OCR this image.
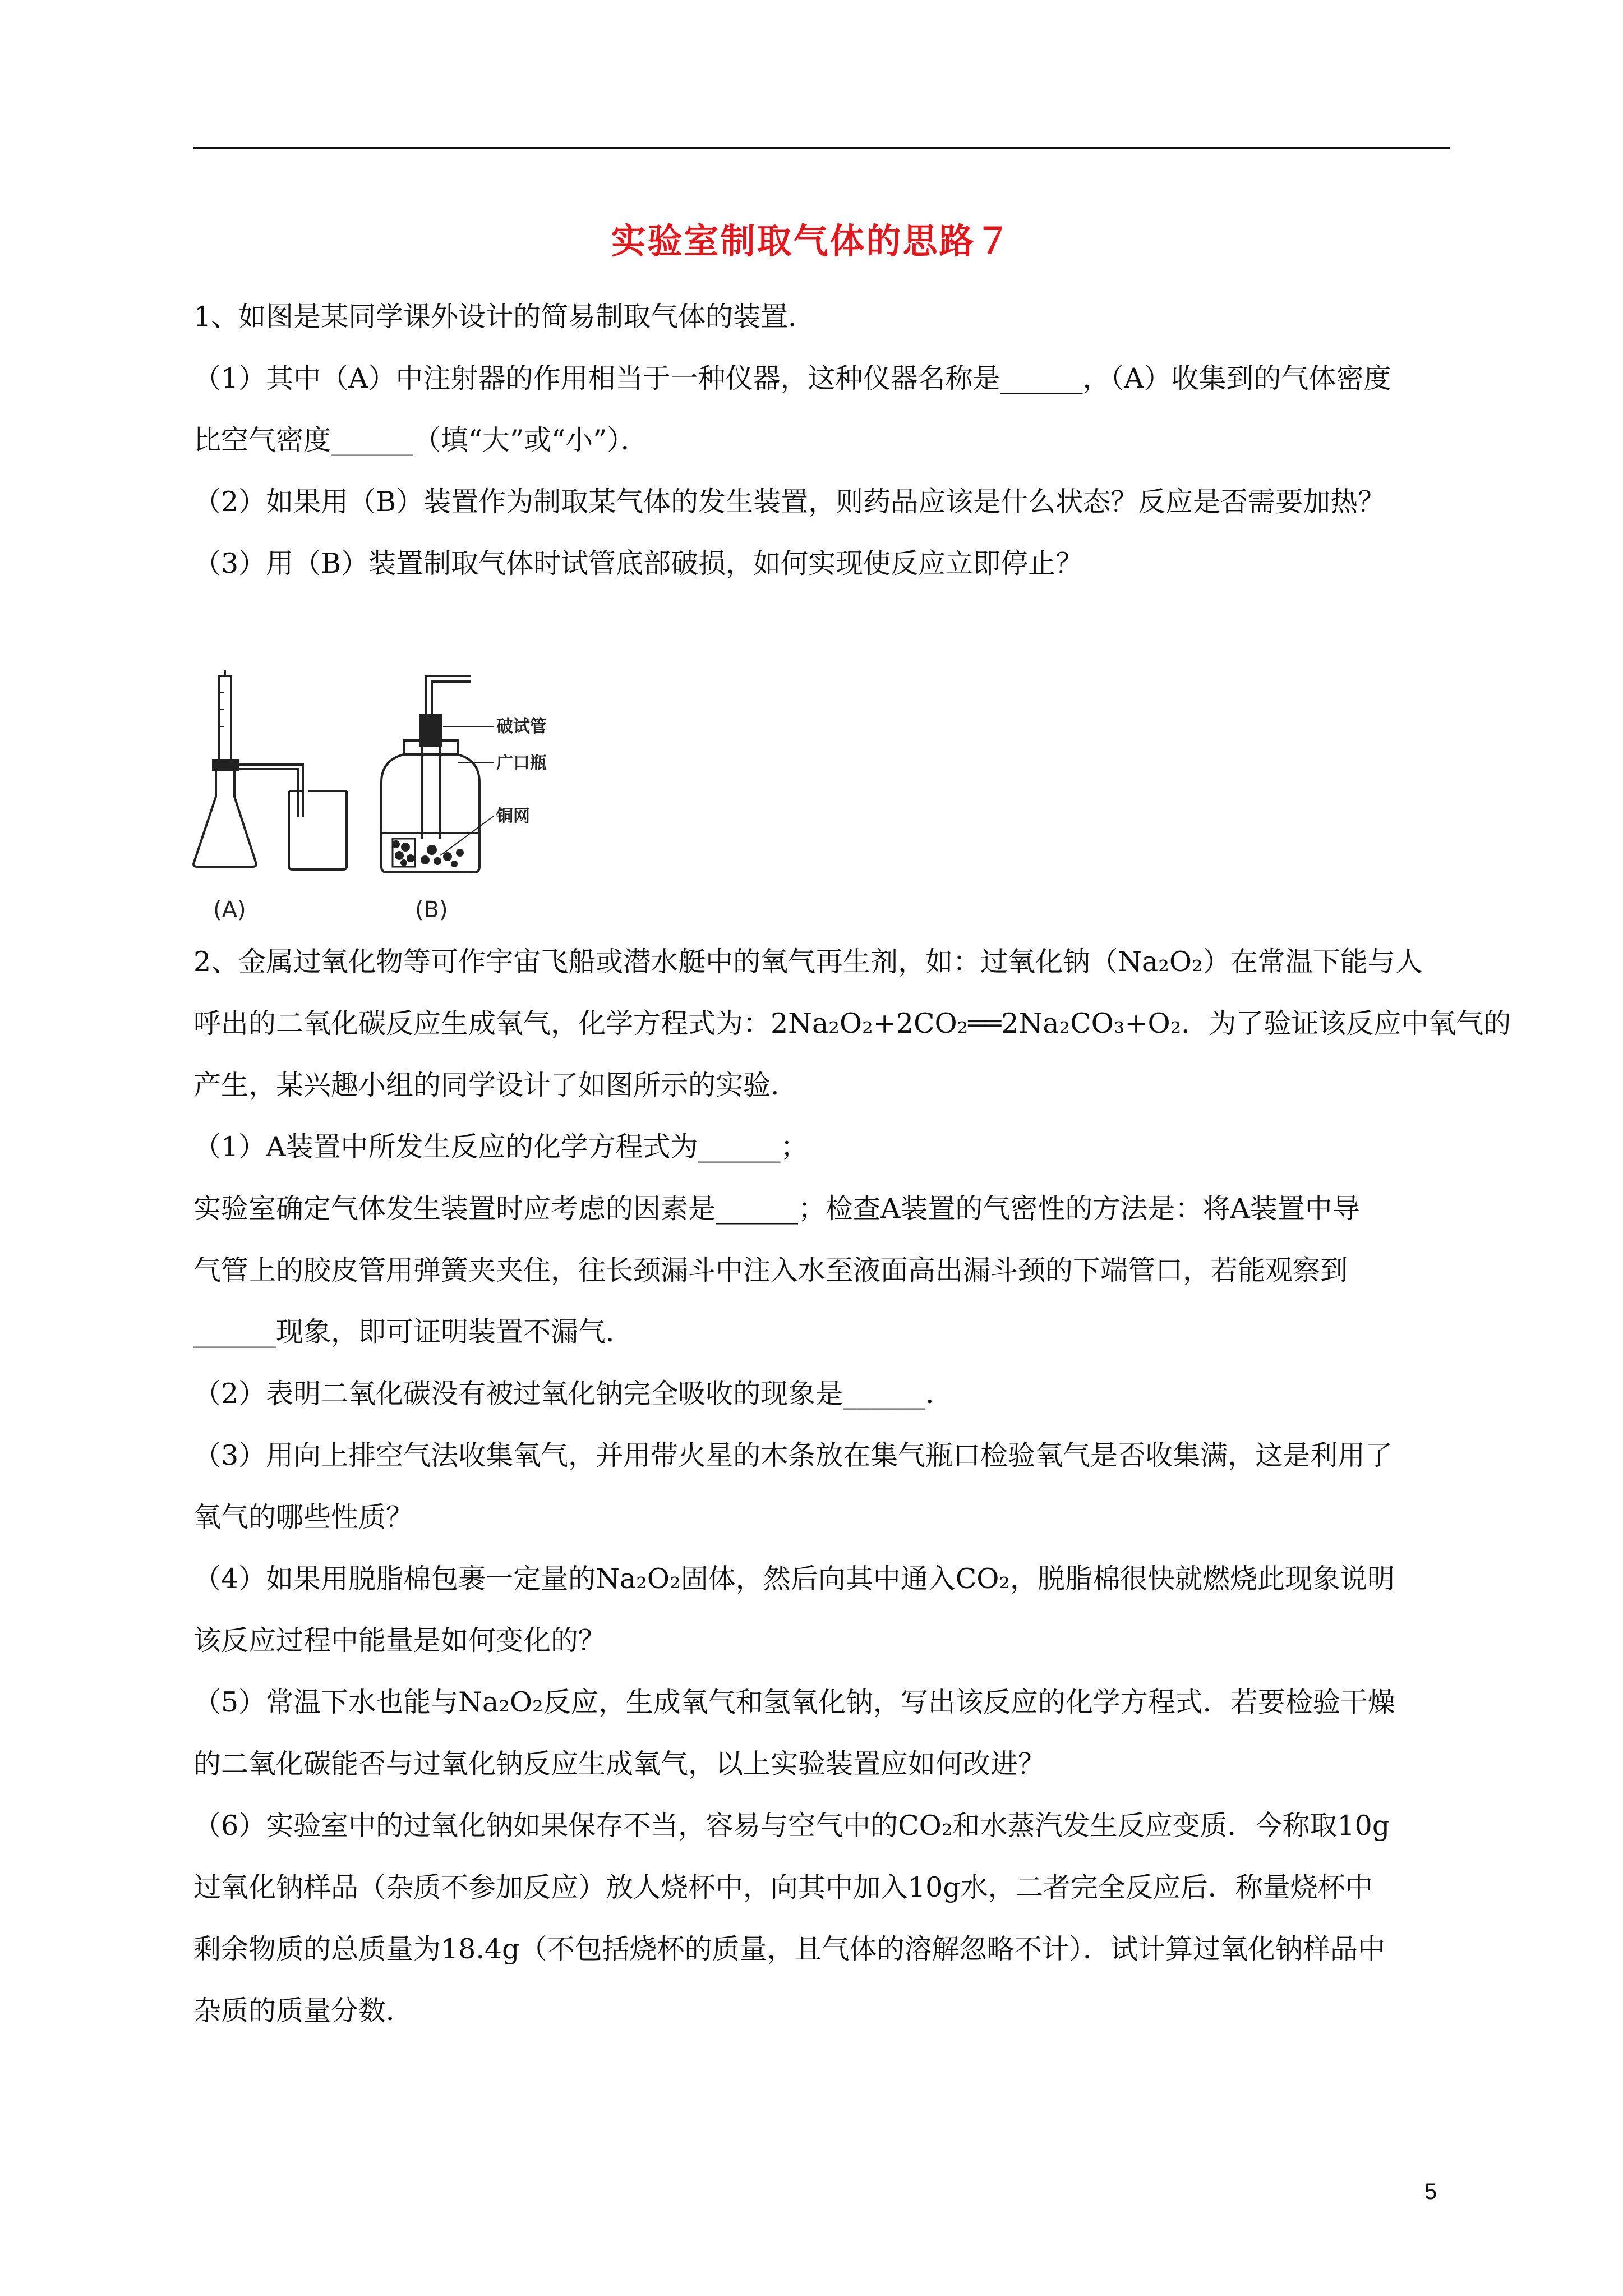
实验室制取气体的思路７
1、如图是某同学课外设计的简易制取气体的装置．
（1）其中（A）中注射器的作用相当于一种仪器，这种仪器名称是______，（A）收集到的气体密度
比空气密度______（填“大”或“小”）．
（2）如果用（B）装置作为制取某气体的发生装置，则药品应该是什么状态？反应是否需要加热？
（3）用（B）装置制取气体时试管底部破损，如何实现使反应立即停止？
破试管
广口瓶
铜网
(A)	(B)
2、金属过氧化物等可作宇宙飞船或潜水艇中的氧气再生剂，如：过氧化钠（Na₂O₂）在常温下能与人
呼出的二氧化碳反应生成氧气，化学方程式为：2Na₂O₂+2CO₂══2Na₂CO₃+O₂．为了验证该反应中氧气的
产生，某兴趣小组的同学设计了如图所示的实验．
（1）A装置中所发生反应的化学方程式为______；
实验室确定气体发生装置时应考虑的因素是______；检查A装置的气密性的方法是：将A装置中导
气管上的胶皮管用弹簧夹夹住，往长颈漏斗中注入水至液面高出漏斗颈的下端管口，若能观察到
______现象，即可证明装置不漏气．
（2）表明二氧化碳没有被过氧化钠完全吸收的现象是______．
（3）用向上排空气法收集氧气，并用带火星的木条放在集气瓶口检验氧气是否收集满，这是利用了
氧气的哪些性质？
（4）如果用脱脂棉包裹一定量的Na₂O₂固体，然后向其中通入CO₂，脱脂棉很快就燃烧此现象说明
该反应过程中能量是如何变化的？
（5）常温下水也能与Na₂O₂反应，生成氧气和氢氧化钠，写出该反应的化学方程式．若要检验干燥
的二氧化碳能否与过氧化钠反应生成氧气，以上实验装置应如何改进？
（6）实验室中的过氧化钠如果保存不当，容易与空气中的CO₂和水蒸汽发生反应变质．今称取10g
过氧化钠样品（杂质不参加反应）放人烧杯中，向其中加入10g水，二者完全反应后．称量烧杯中
剩余物质的总质量为18.4g（不包括烧杯的质量，且气体的溶解忽略不计）．试计算过氧化钠样品中
杂质的质量分数．
5
